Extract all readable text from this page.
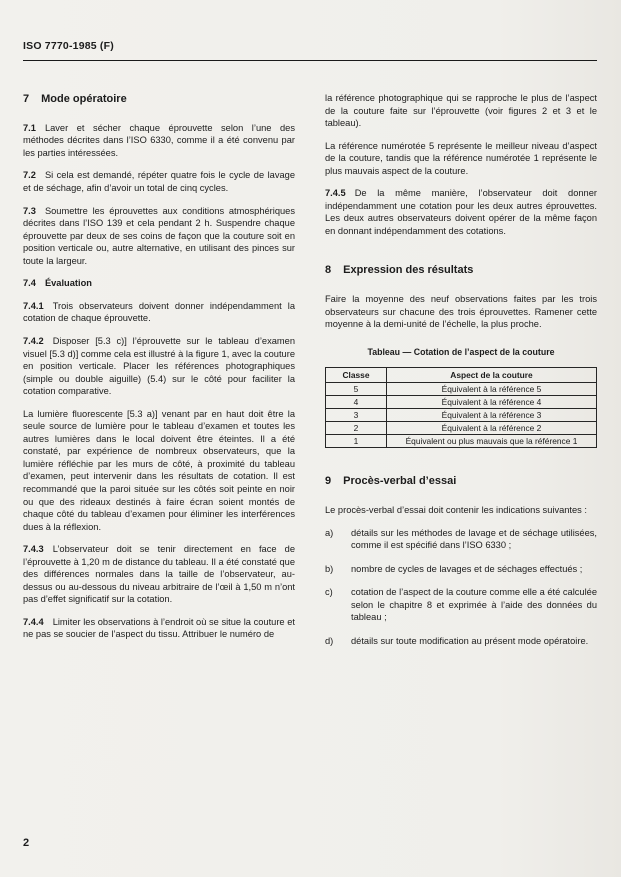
ISO 7770-1985 (F)
7 Mode opératoire

7.1 Laver et sécher chaque éprouvette selon l’une des méthodes décrites dans l’ISO 6330, comme il a été convenu par les parties intéressées.

7.2 Si cela est demandé, répéter quatre fois le cycle de lavage et de séchage, afin d’avoir un total de cinq cycles.

7.3 Soumettre les éprouvettes aux conditions atmosphériques décrites dans l’ISO 139 et cela pendant 2 h. Suspendre chaque éprouvette par deux de ses coins de façon que la couture soit en position verticale ou, autre alternative, en utilisant des pinces sur toute la largeur.

7.4 Évaluation

7.4.1 Trois observateurs doivent donner indépendamment la cotation de chaque éprouvette.

7.4.2 Disposer [5.3 c)] l’éprouvette sur le tableau d’examen visuel [5.3 d)] comme cela est illustré à la figure 1, avec la couture en position verticale. Placer les références photographiques (simple ou double aiguille) (5.4) sur le côté pour faciliter la cotation comparative.

La lumière fluorescente [5.3 a)] venant par en haut doit être la seule source de lumière pour le tableau d’examen et toutes les autres lumières dans le local doivent être éteintes. Il a été constaté, par expérience de nombreux observateurs, que la lumière réfléchie par les murs de côté, à proximité du tableau d’examen, peut intervenir dans les résultats de cotation. Il est recommandé que la paroi située sur les côtés soit peinte en noir ou que des rideaux destinés à faire écran soient montés de chaque côté du tableau d’examen pour éliminer les interférences dues à la réflexion.

7.4.3 L’observateur doit se tenir directement en face de l’éprouvette à 1,20 m de distance du tableau. Il a été constaté que des différences normales dans la taille de l’observateur, au-dessus ou au-dessous du niveau arbitraire de l’œil à 1,50 m n’ont pas d’effet significatif sur la cotation.

7.4.4 Limiter les observations à l’endroit où se situe la couture et ne pas se soucier de l’aspect du tissu. Attribuer le numéro de

la référence photographique qui se rapproche le plus de l’aspect de la couture faite sur l’éprouvette (voir figures 2 et 3 et le tableau).

La référence numérotée 5 représente le meilleur niveau d’aspect de la couture, tandis que la référence numérotée 1 représente le plus mauvais aspect de la couture.

7.4.5 De la même manière, l’observateur doit donner indépendamment une cotation pour les deux autres éprouvettes. Les deux autres observateurs doivent opérer de la même façon en donnant indépendamment des cotations.

8 Expression des résultats

Faire la moyenne des neuf observations faites par les trois observateurs sur chacune des trois éprouvettes. Ramener cette moyenne à la demi-unité de l’échelle, la plus proche.

Tableau — Cotation de l’aspect de la couture
Classe	Aspect de la couture
5	Équivalent à la référence 5
4	Équivalent à la référence 4
3	Équivalent à la référence 3
2	Équivalent à la référence 2
1	Équivalent ou plus mauvais que la référence 1
9 Procès-verbal d’essai

Le procès-verbal d’essai doit contenir les indications suivantes :

a)	détails sur les méthodes de lavage et de séchage utilisées, comme il est spécifié dans l’ISO 6330 ;
b)	nombre de cycles de lavages et de séchages effectués ;
c)	cotation de l’aspect de la couture comme elle a été calculée selon le chapitre 8 et exprimée à l’aide des données du tableau ;
d)	détails sur toute modification au présent mode opératoire.
2
